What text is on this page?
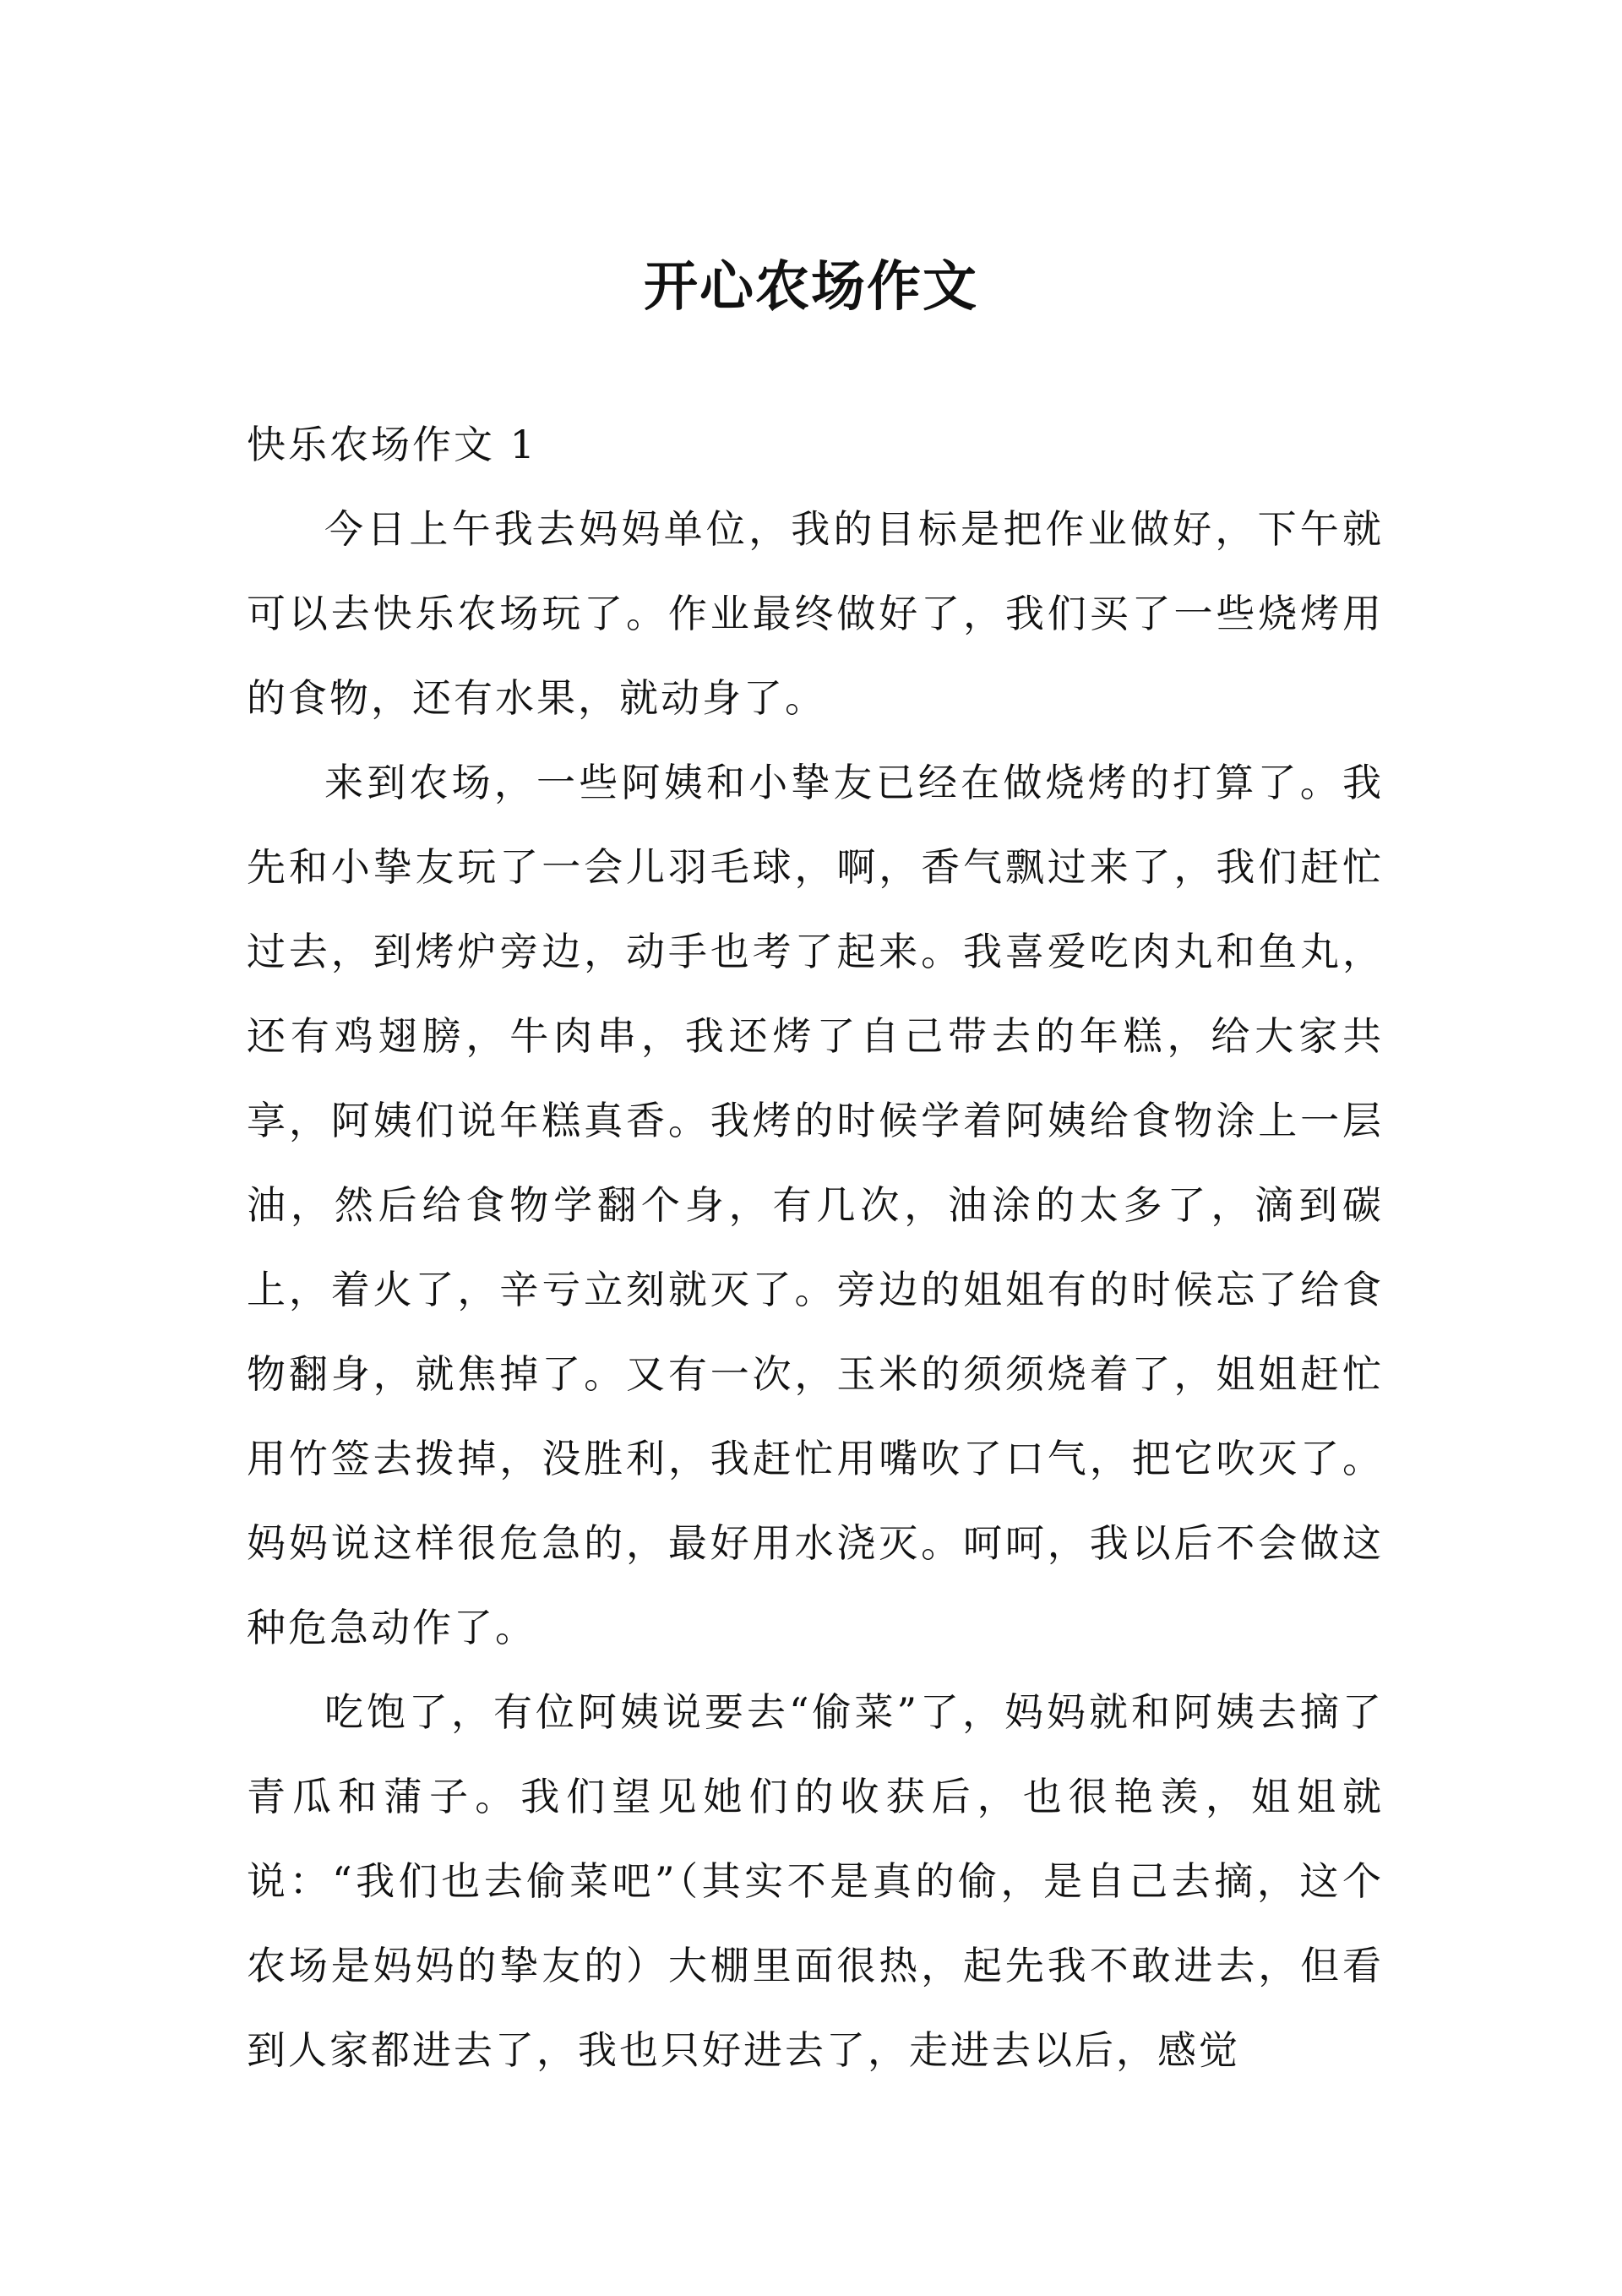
开心农场作文

快乐农场作文 1

今日上午我去妈妈单位，我的目标是把作业做好，下午就可以去快乐农场玩了。作业最终做好了，我们买了一些烧烤用的食物，还有水果，就动身了。

来到农场，一些阿姨和小挚友已经在做烧烤的打算了。我先和小挚友玩了一会儿羽毛球，啊，香气飘过来了，我们赶忙过去，到烤炉旁边，动手也考了起来。我喜爱吃肉丸和鱼丸，还有鸡翅膀，牛肉串，我还烤了自己带去的年糕，给大家共享，阿姨们说年糕真香。我烤的时候学着阿姨给食物涂上一层油，然后给食物学翻个身，有几次，油涂的太多了，滴到碳上，着火了，辛亏立刻就灭了。旁边的姐姐有的时候忘了给食物翻身，就焦掉了。又有一次，玉米的须须烧着了，姐姐赶忙用竹签去拨掉，没胜利，我赶忙用嘴吹了口气，把它吹灭了。妈妈说这样很危急的，最好用水浇灭。呵呵，我以后不会做这种危急动作了。

吃饱了，有位阿姨说要去“偷菜”了，妈妈就和阿姨去摘了青瓜和蒲子。我们望见她们的收获后，也很艳羡，姐姐就说：“我们也去偷菜吧”（其实不是真的偷，是自己去摘，这个农场是妈妈的挚友的）大棚里面很热，起先我不敢进去，但看到人家都进去了，我也只好进去了，走进去以后，感觉
